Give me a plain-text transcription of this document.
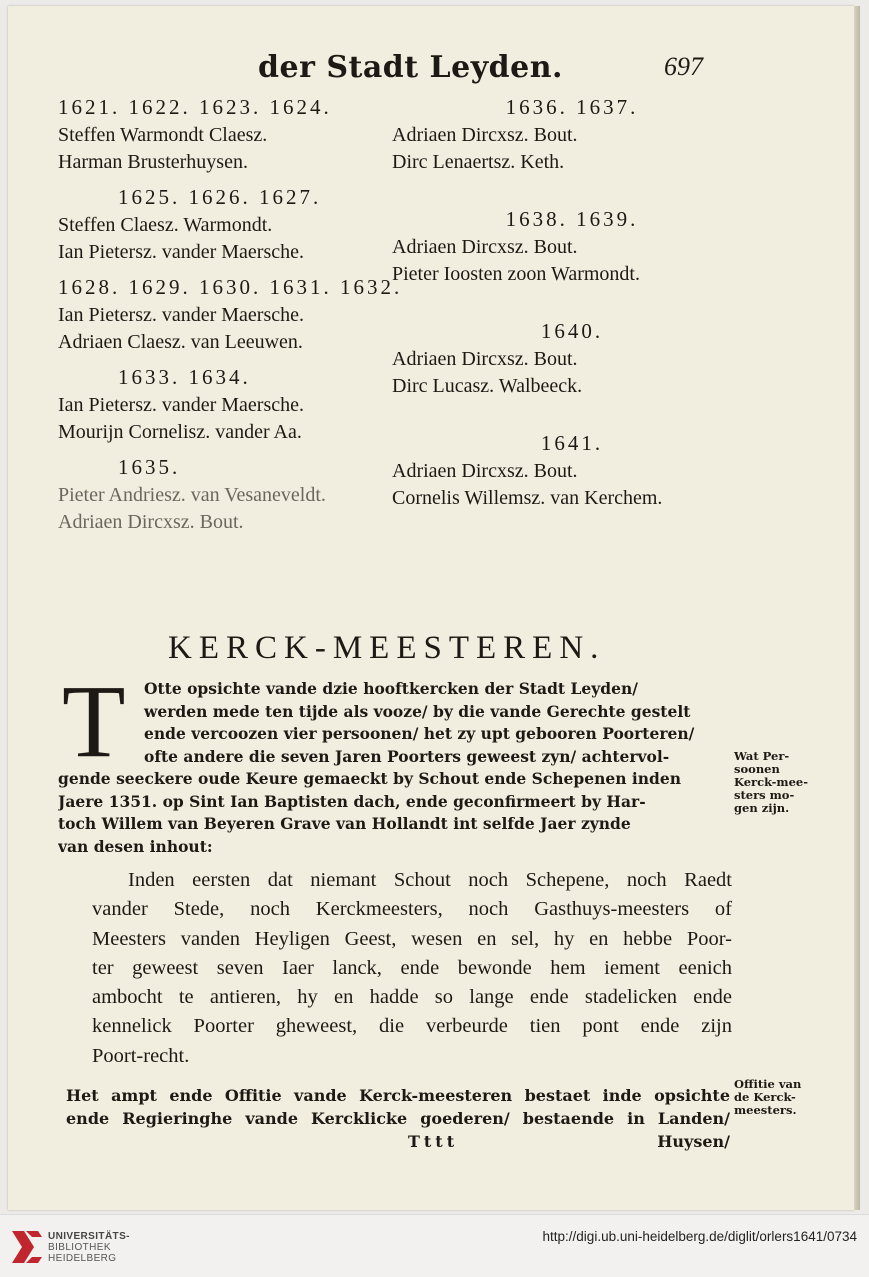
der Stadt Leyden.	697
1621. 1622. 1623. 1624.
Steffen Warmondt Claesz.
Harman Brusterhuysen.
1625. 1626. 1627.
Steffen Claesz. Warmondt.
Ian Pietersz. vander Maersche.
1628. 1629. 1630. 1631. 1632.
Ian Pietersz. vander Maersche.
Adriaen Claesz. van Leeuwen.
1633. 1634.
Ian Pietersz. vander Maersche.
Mourijn Cornelisz. vander Aa.
1635.
Pieter Andriesz. van Vesaneveldt.
Adriaen Dircxsz. Bout.
1636. 1637.
Adriaen Dircxsz. Bout.
Dirc Lenaertsz. Keth.
1638. 1639.
Adriaen Dircxsz. Bout.
Pieter Ioosten zoon Warmondt.
1640.
Adriaen Dircxsz. Bout.
Dirc Lucasz. Walbeeck.
1641.
Adriaen Dircxsz. Bout.
Cornelis Willemsz. van Kerchem.
KERCK-MEESTEREN.
T	Otte opsichte vande dzie hooftkercken der Stadt Leyden/
werden mede ten tijde als vooze/ by die vande Gerechte gestelt
ende vercoozen vier persoonen/ het zy upt gebooren Poorteren/
ofte andere die seven Jaren Poorters geweest zyn/ achtervol-
gende seeckere oude Keure gemaeckt by Schout ende Schepenen inden
Jaere 1351. op Sint Ian Baptisten dach, ende geconfirmeert by Har-
toch Willem van Beyeren Grave van Hollandt int selfde Jaer zynde
van desen inhout:
Wat Per-
soonen
Kerck-mee-
sters mo-
gen zijn.
Inden eersten dat niemant Schout noch Schepene, noch Raedt
vander Stede, noch Kerckmeesters, noch Gasthuys-meesters of
Meesters vanden Heyligen Geest, wesen en sel, hy en hebbe Poor-
ter geweest seven Iaer lanck, ende bewonde hem iement eenich
ambocht te antieren, hy en hadde so lange ende stadelicken ende
kennelick Poorter gheweest, die verbeurde tien pont ende zijn
Poort-recht.
Het ampt ende Offitie vande Kerck-meesteren bestaet inde opsichte
ende Regieringhe vande Kercklicke goederen/ bestaende in Landen/
Offitie van
de Kerck-
meesters.
Tttt	Huysen/
UNIVERSITÄTS-
BIBLIOTHEK
HEIDELBERG
http://digi.ub.uni-heidelberg.de/diglit/orlers1641/0734
